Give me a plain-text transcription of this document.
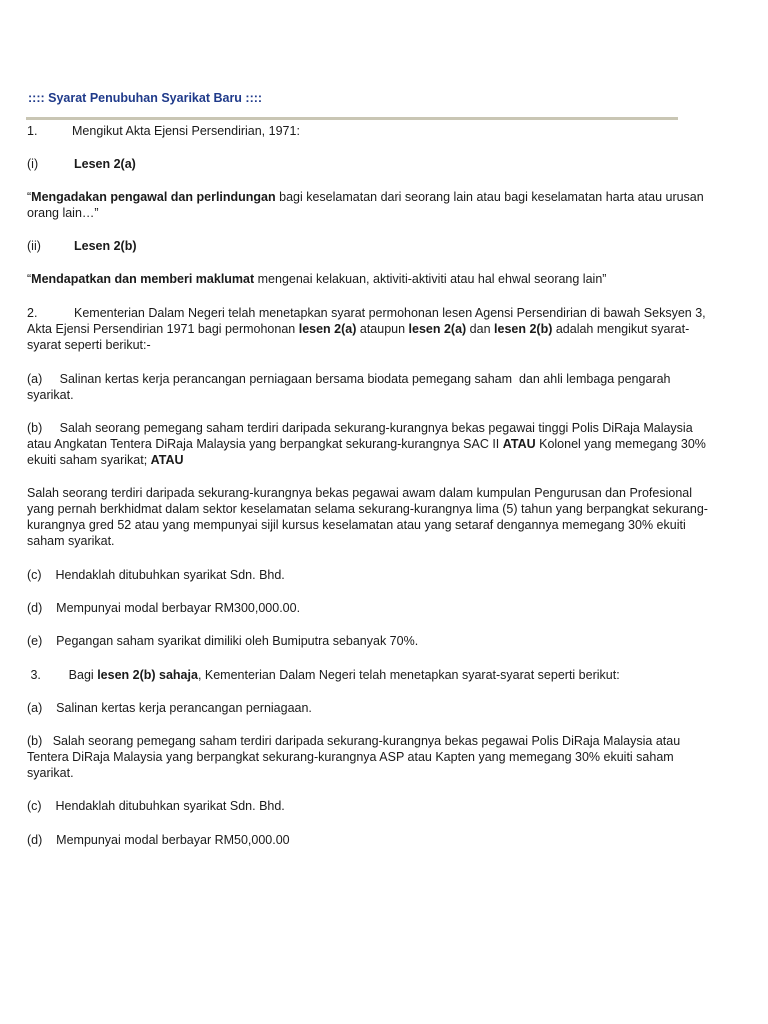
:::: Syarat Penubuhan Syarikat Baru ::::
1.	Mengikut Akta Ejensi Persendirian, 1971:
(i)	Lesen 2(a)
“Mengadakan pengawal dan perlindungan bagi keselamatan dari seorang lain atau bagi keselamatan harta atau urusan orang lain…”
(ii)	Lesen 2(b)
“Mendapatkan dan memberi maklumat mengenai kelakuan, aktiviti-aktiviti atau hal ehwal seorang lain”
2.	Kementerian Dalam Negeri telah menetapkan syarat permohonan lesen Agensi Persendirian di bawah Seksyen 3, Akta Ejensi Persendirian 1971 bagi permohonan lesen 2(a) ataupun lesen 2(a) dan lesen 2(b) adalah mengikut syarat-syarat seperti berikut:-
(a)     Salinan kertas kerja perancangan perniagaan bersama biodata pemegang saham  dan ahli lembaga pengarah syarikat.
(b)     Salah seorang pemegang saham terdiri daripada sekurang-kurangnya bekas pegawai tinggi Polis DiRaja Malaysia atau Angkatan Tentera DiRaja Malaysia yang berpangkat sekurang-kurangnya SAC II ATAU Kolonel yang memegang 30% ekuiti saham syarikat; ATAU
Salah seorang terdiri daripada sekurang-kurangnya bekas pegawai awam dalam kumpulan Pengurusan dan Profesional yang pernah berkhidmat dalam sektor keselamatan selama sekurang-kurangnya lima (5) tahun yang berpangkat sekurang-kurangnya gred 52 atau yang mempunyai sijil kursus keselamatan atau yang setaraf dengannya memegang 30% ekuiti saham syarikat.
(c)    Hendaklah ditubuhkan syarikat Sdn. Bhd.
(d)    Mempunyai modal berbayar RM300,000.00.
(e)    Pegangan saham syarikat dimiliki oleh Bumiputra sebanyak 70%.
3.        Bagi lesen 2(b) sahaja, Kementerian Dalam Negeri telah menetapkan syarat-syarat seperti berikut:
(a)    Salinan kertas kerja perancangan perniagaan.
(b)   Salah seorang pemegang saham terdiri daripada sekurang-kurangnya bekas pegawai Polis DiRaja Malaysia atau Tentera DiRaja Malaysia yang berpangkat sekurang-kurangnya ASP atau Kapten yang memegang 30% ekuiti saham syarikat.
(c)    Hendaklah ditubuhkan syarikat Sdn. Bhd.
(d)    Mempunyai modal berbayar RM50,000.00
